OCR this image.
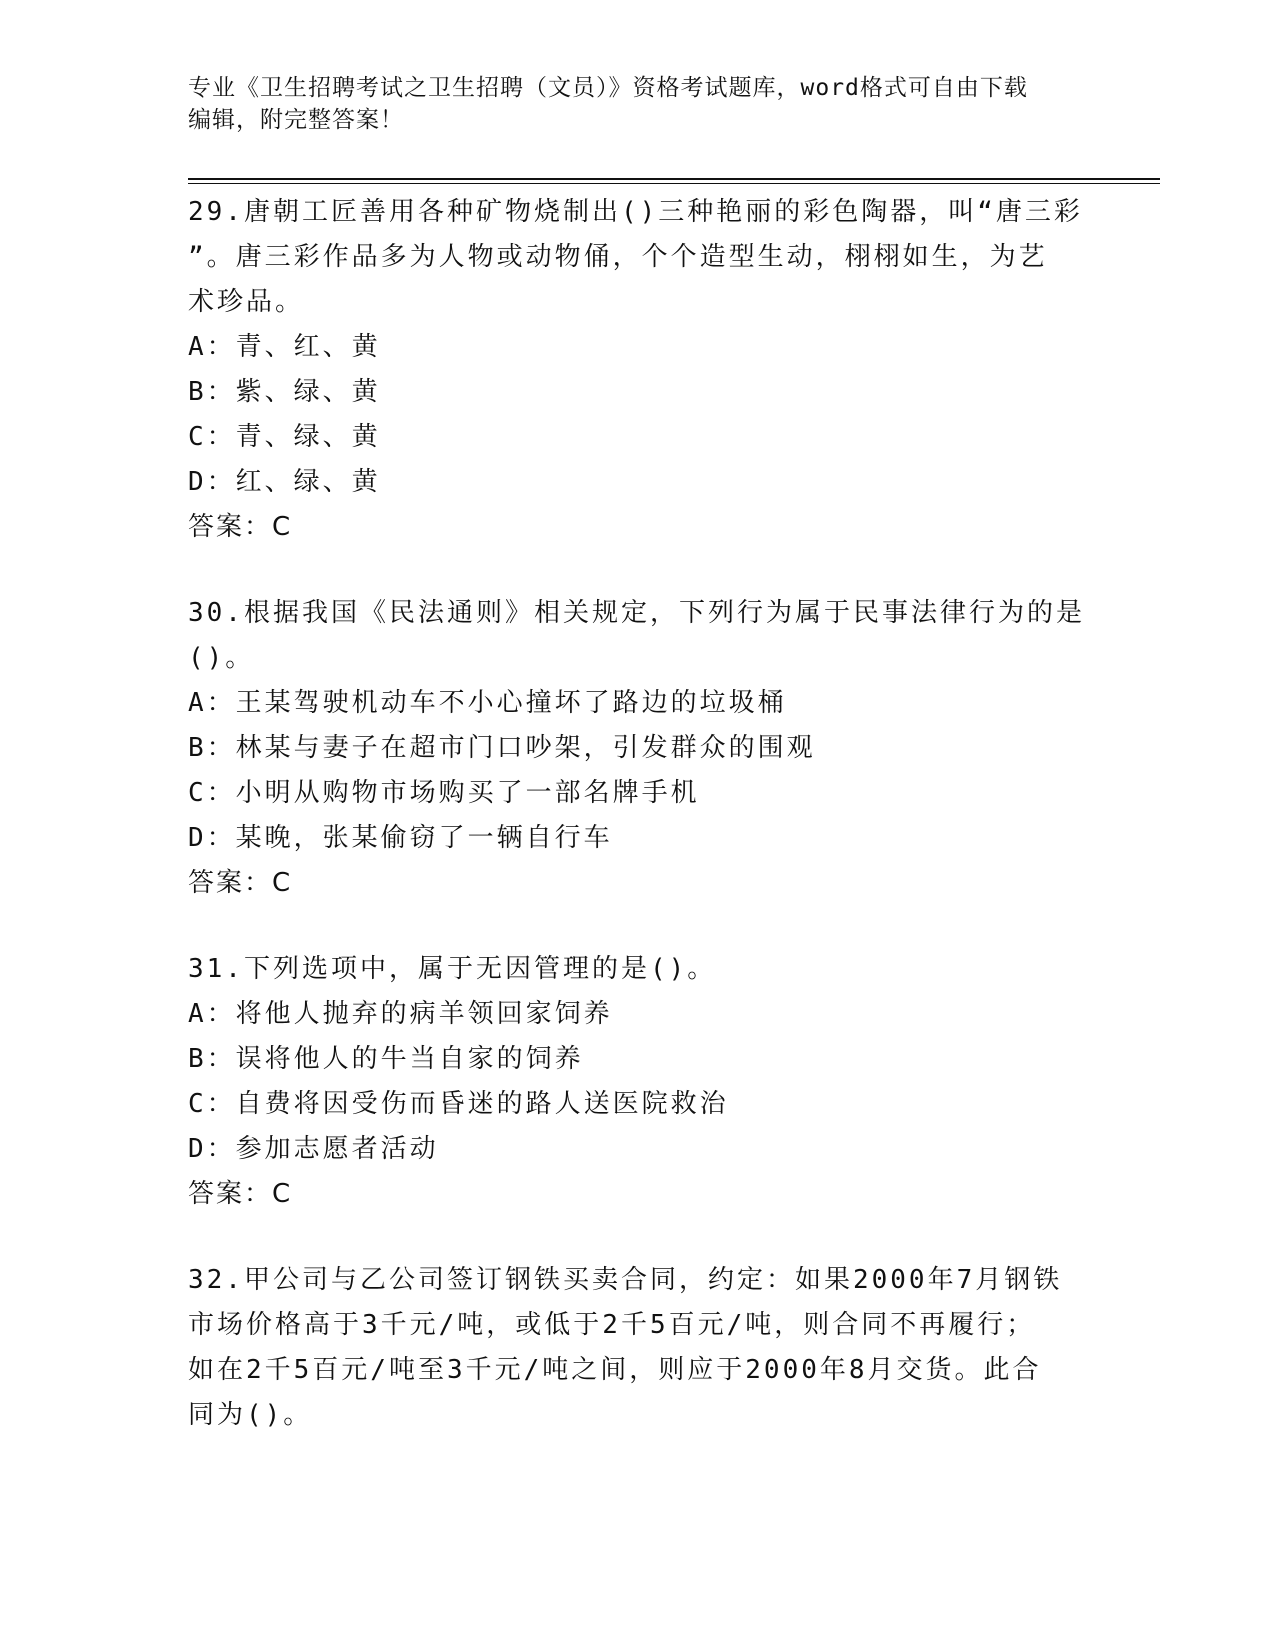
专业《卫生招聘考试之卫生招聘（文员）》资格考试题库，word格式可自由下载
编辑，附完整答案！

29.唐朝工匠善用各种矿物烧制出()三种艳丽的彩色陶器，叫“唐三彩

”。唐三彩作品多为人物或动物俑，个个造型生动，栩栩如生，为艺

术珍品。

A：青、红、黄

B：紫、绿、黄

C：青、绿、黄

D：红、绿、黄

答案：C

30.根据我国《民法通则》相关规定，下列行为属于民事法律行为的是

()。

A：王某驾驶机动车不小心撞坏了路边的垃圾桶

B：林某与妻子在超市门口吵架，引发群众的围观

C：小明从购物市场购买了一部名牌手机

D：某晚，张某偷窃了一辆自行车

答案：C

31.下列选项中，属于无因管理的是()。

A：将他人抛弃的病羊领回家饲养

B：误将他人的牛当自家的饲养

C：自费将因受伤而昏迷的路人送医院救治

D：参加志愿者活动

答案：C

32.甲公司与乙公司签订钢铁买卖合同，约定：如果2000年7月钢铁

市场价格高于3千元/吨，或低于2千5百元/吨，则合同不再履行；

如在2千5百元/吨至3千元/吨之间，则应于2000年8月交货。此合

同为()。
